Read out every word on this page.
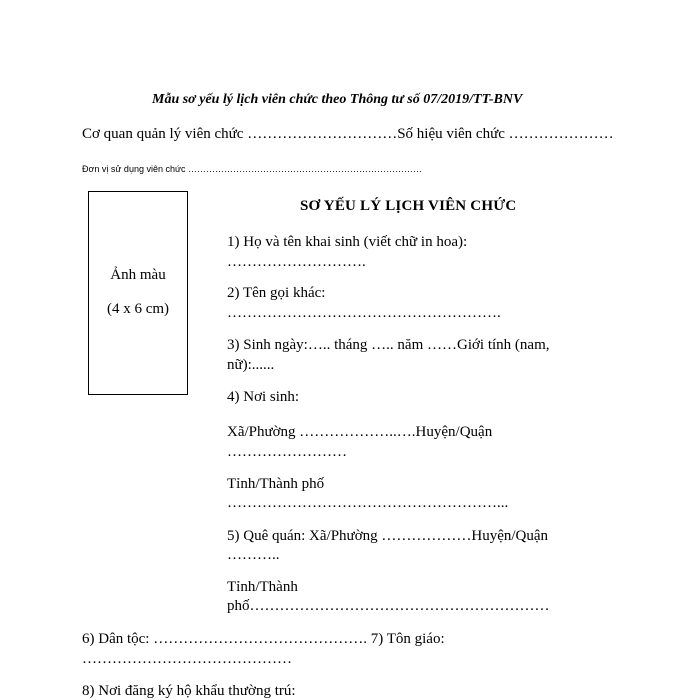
Mẫu sơ yếu lý lịch viên chức theo Thông tư số 07/2019/TT-BNV
Cơ quan quản lý viên chức …………………………Số hiệu viên chức …………………
Đơn vị sử dụng viên chức ……………………………………………………………………
Ảnh màu
(4 x 6 cm)
SƠ YẾU LÝ LỊCH VIÊN CHỨC
1) Họ và tên khai sinh (viết chữ in hoa):
……………………….
2) Tên gọi khác:
……………………………………………….
3) Sinh ngày:….. tháng ….. năm ……Giới tính (nam,
nữ):......
4) Nơi sinh:
Xã/Phường ………………..….Huyện/Quận
……………………
Tỉnh/Thành phố
………………………………………………...
5) Quê quán: Xã/Phường ………………Huyện/Quận
………..
Tỉnh/Thành
phố……………………………………………………
6) Dân tộc: ……………………………………. 7) Tôn giáo:
……………………………………
8) Nơi đăng ký hộ khẩu thường trú:
